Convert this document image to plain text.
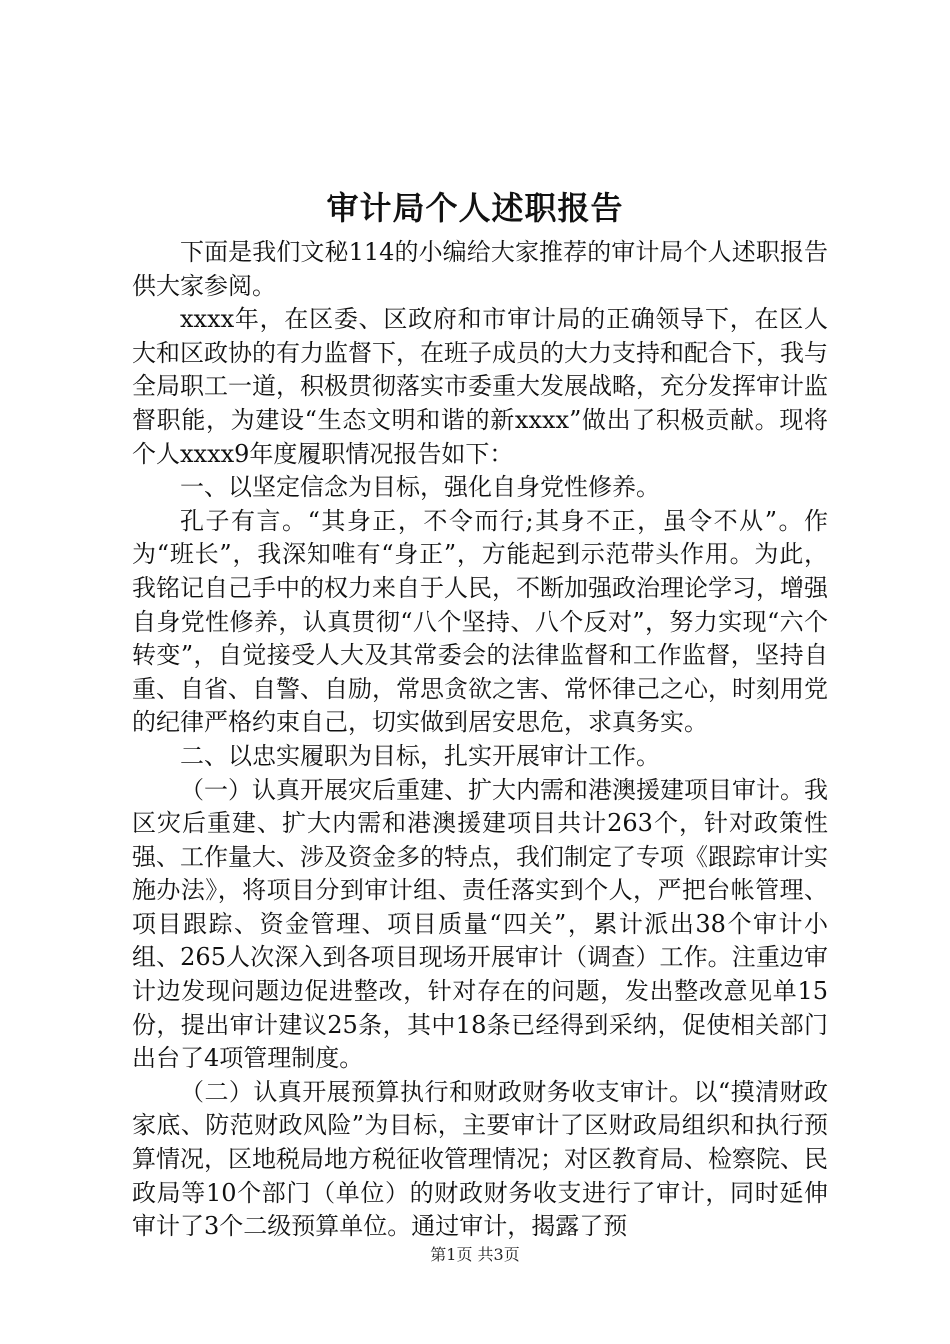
审计局个人述职报告

下面是我们文秘114的小编给大家推荐的审计局个人述职报告供大家参阅。

xxxx年，在区委、区政府和市审计局的正确领导下，在区人大和区政协的有力监督下，在班子成员的大力支持和配合下，我与全局职工一道，积极贯彻落实市委重大发展战略，充分发挥审计监督职能，为建设“生态文明和谐的新xxxx”做出了积极贡献。现将个人xxxx9年度履职情况报告如下：

一、以坚定信念为目标，强化自身党性修养。

孔子有言。“其身正，不令而行;其身不正，虽令不从”。作为“班长”，我深知唯有“身正”，方能起到示范带头作用。为此，我铭记自己手中的权力来自于人民，不断加强政治理论学习，增强自身党性修养，认真贯彻“八个坚持、八个反对”，努力实现“六个转变”，自觉接受人大及其常委会的法律监督和工作监督，坚持自重、自省、自警、自励，常思贪欲之害、常怀律己之心，时刻用党的纪律严格约束自己，切实做到居安思危，求真务实。

二、以忠实履职为目标，扎实开展审计工作。

（一）认真开展灾后重建、扩大内需和港澳援建项目审计。我区灾后重建、扩大内需和港澳援建项目共计263个，针对政策性强、工作量大、涉及资金多的特点，我们制定了专项《跟踪审计实施办法》，将项目分到审计组、责任落实到个人，严把台帐管理、项目跟踪、资金管理、项目质量“四关”，累计派出38个审计小组、265人次深入到各项目现场开展审计（调查）工作。注重边审计边发现问题边促进整改，针对存在的问题，发出整改意见单15份，提出审计建议25条，其中18条已经得到采纳，促使相关部门出台了4项管理制度。

（二）认真开展预算执行和财政财务收支审计。以“摸清财政家底、防范财政风险”为目标，主要审计了区财政局组织和执行预算情况，区地税局地方税征收管理情况；对区教育局、检察院、民政局等10个部门（单位）的财政财务收支进行了审计，同时延伸审计了3个二级预算单位。通过审计，揭露了预

第1页 共3页
